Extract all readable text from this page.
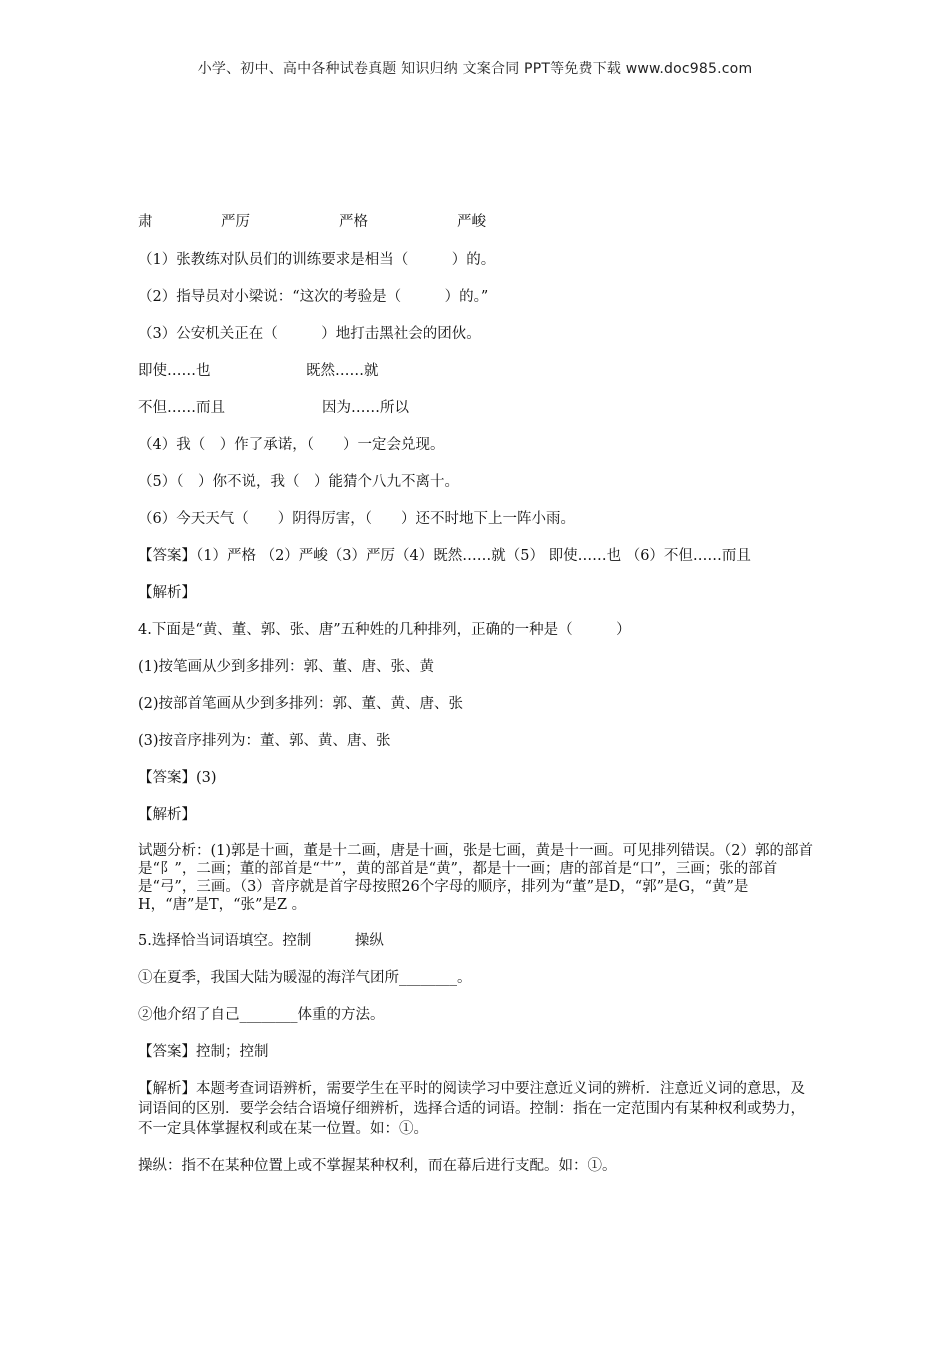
小学、初中、高中各种试卷真题 知识归纳 文案合同 PPT等免费下载 www.doc985.com
肃	严厉	严格	严峻

（1）张教练对队员们的训练要求是相当（　　　）的。

（2）指导员对小梁说：“这次的考验是（　　　）的。”

（3）公安机关正在（　　　）地打击黑社会的团伙。

即使……也	既然……就
不但……而且	因为……所以

（4）我（　）作了承诺，（　　）一定会兑现。

（5）（　）你不说，我（　）能猜个八九不离十。

（6）今天天气（　　）阴得厉害，（　　）还不时地下上一阵小雨。

【答案】（1）严格 （2）严峻（3）严厉（4）既然……就（5） 即使……也 （6）不但……而且

【解析】

4.下面是“黄、董、郭、张、唐”五种姓的几种排列，正确的一种是（　　　）

(1)按笔画从少到多排列：郭、董、唐、张、黄

(2)按部首笔画从少到多排列：郭、董、黄、唐、张

(3)按音序排列为：董、郭、黄、唐、张

【答案】(3)

【解析】

试题分析：(1)郭是十画，董是十二画，唐是十画，张是七画，黄是十一画。可见排列错误。（2）郭的部首是“阝”，二画；董的部首是“艹”，黄的部首是“黄”，都是十一画；唐的部首是“口”，三画；张的部首是“弓”，三画。（3）音序就是首字母按照26个字母的顺序，排列为“董”是D，“郭”是G，“黄”是H，“唐”是T，“张”是Z 。

5.选择恰当词语填空。控制　　　操纵

①在夏季，我国大陆为暖湿的海洋气团所________。

②他介绍了自己________体重的方法。

【答案】控制；控制

【解析】本题考查词语辨析，需要学生在平时的阅读学习中要注意近义词的辨析．注意近义词的意思，及词语间的区别．要学会结合语境仔细辨析，选择合适的词语。控制：指在一定范围内有某种权利或势力，不一定具体掌握权利或在某一位置。如：①。

操纵：指不在某种位置上或不掌握某种权利，而在幕后进行支配。如：①。
